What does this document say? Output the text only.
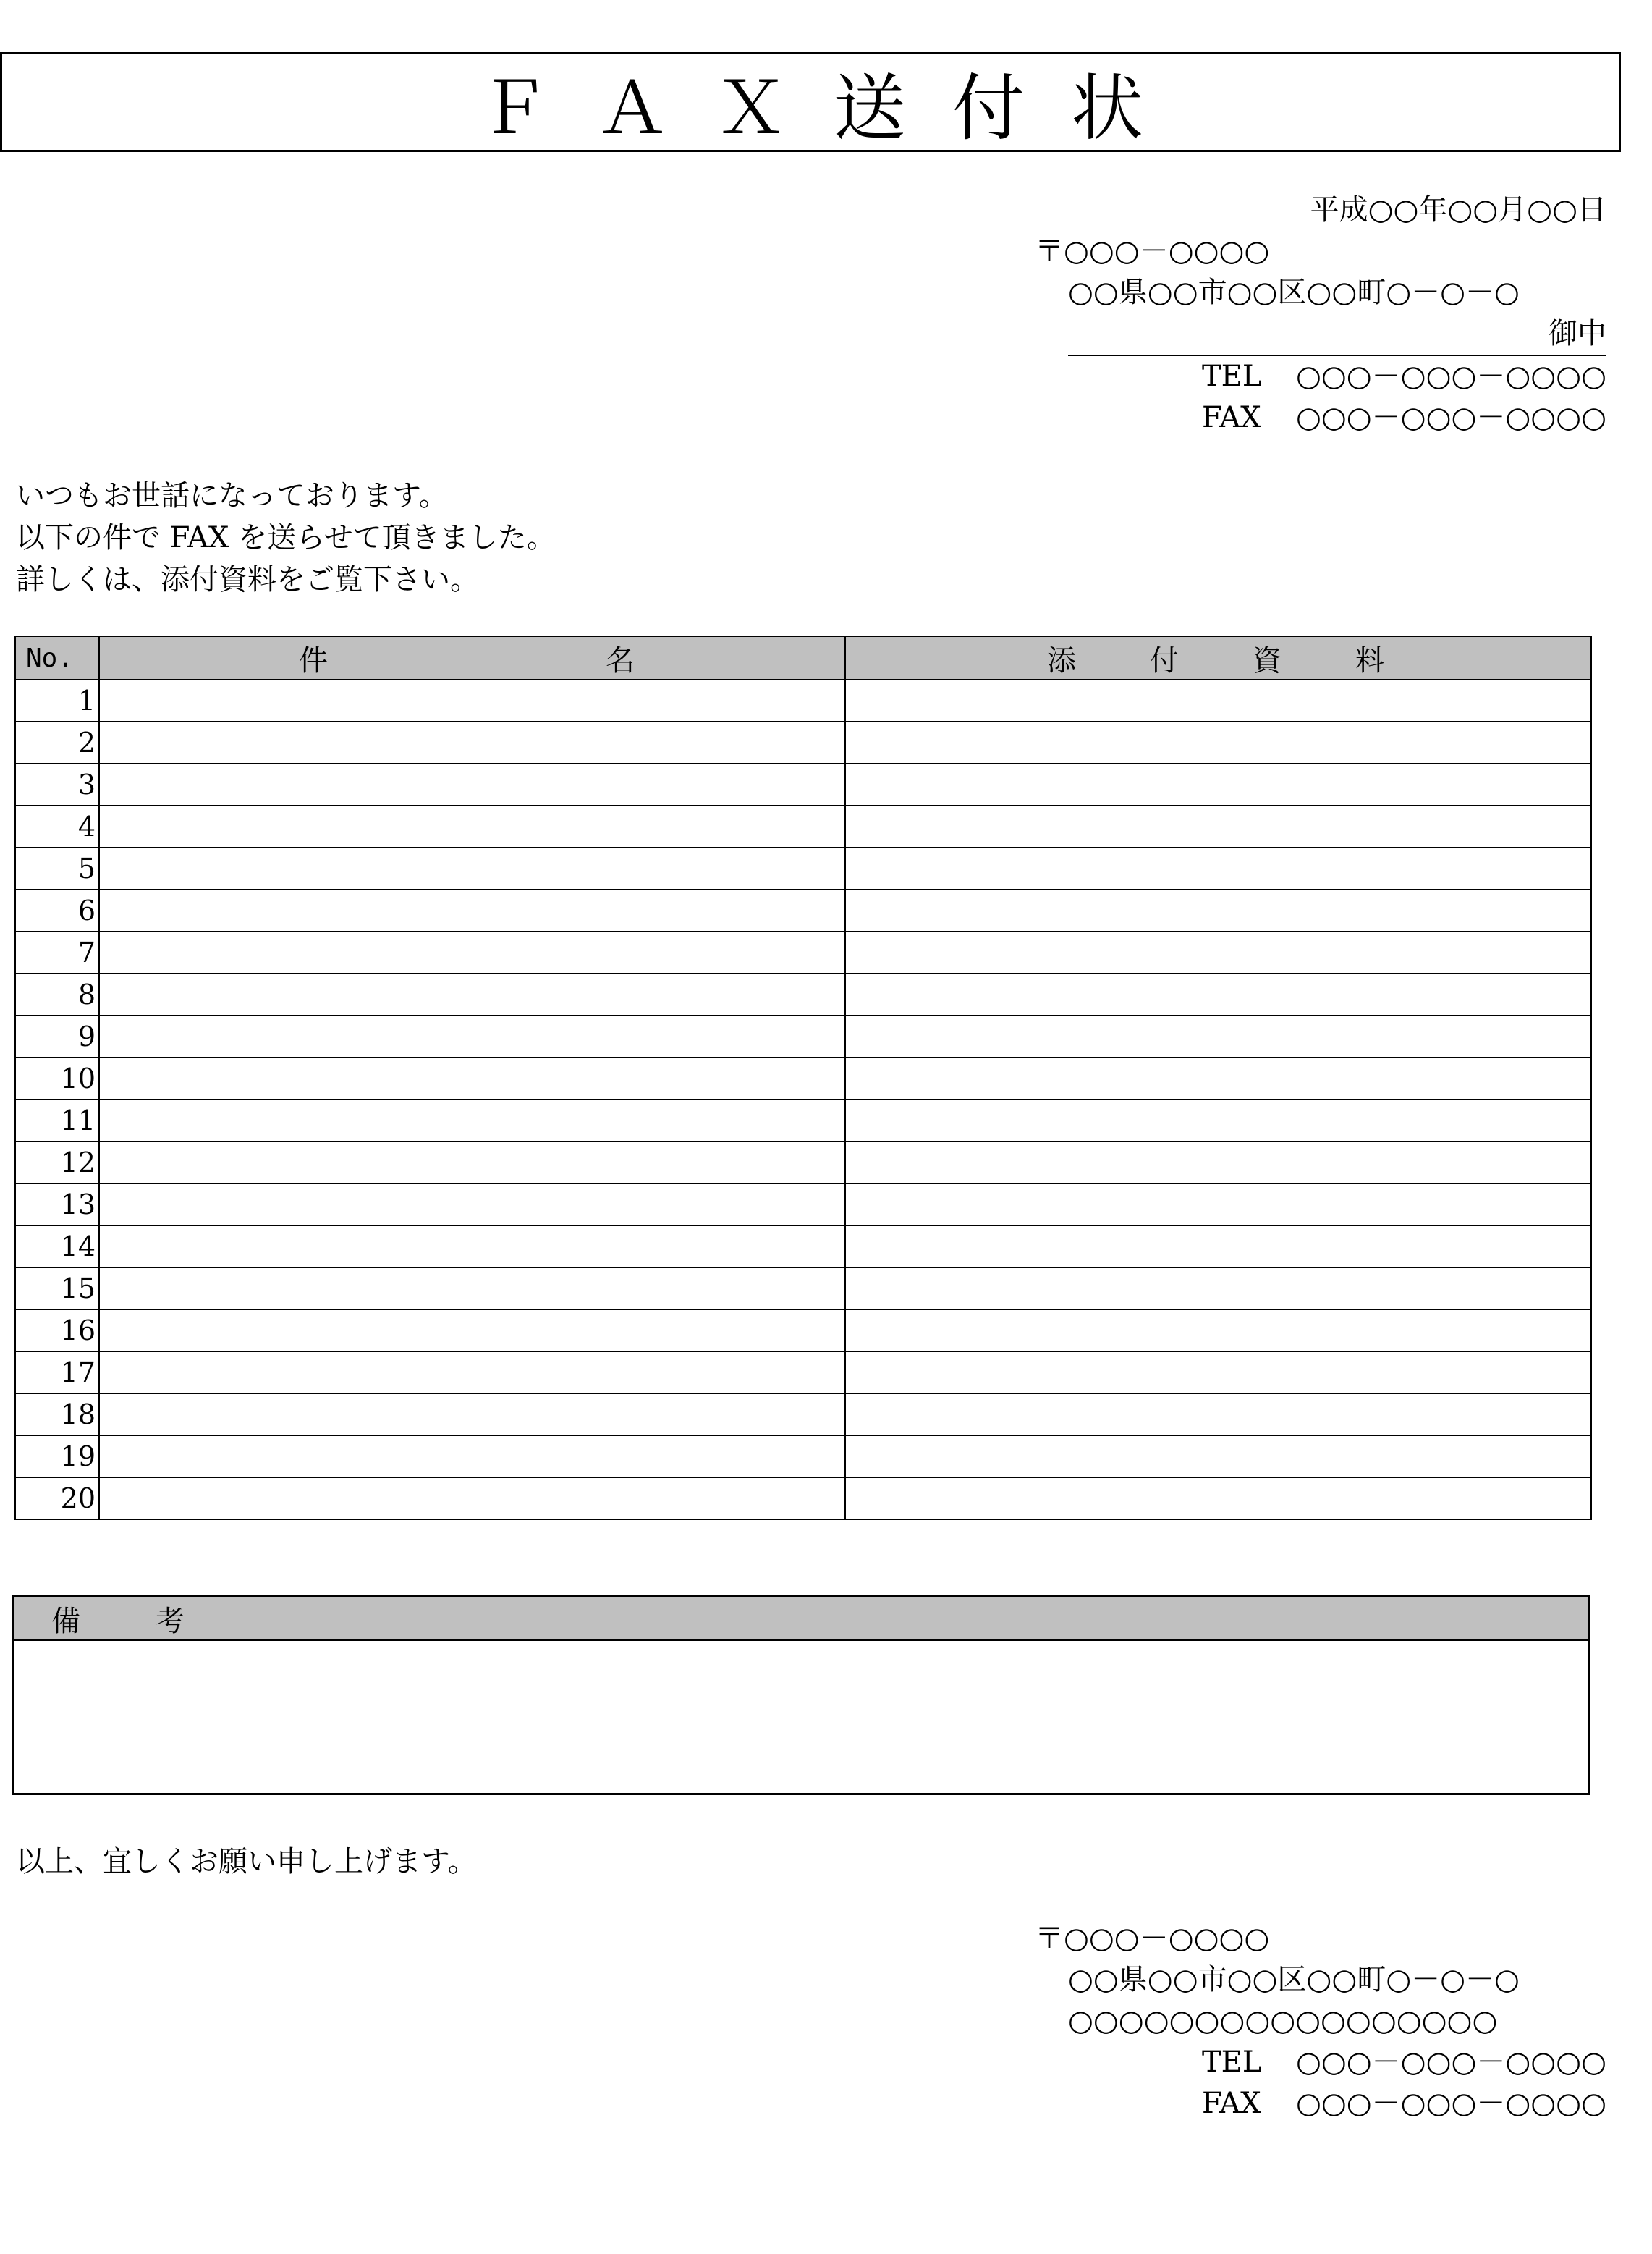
ＦＡＸ送付状
平成○○年○○月○○日
〒○○○－○○○○
○○県○○市○○区○○町○－○－○
御中
TEL	○○○－○○○－○○○○
FAX	○○○－○○○－○○○○
いつもお世話になっております。
以下の件で FAX を送らせて頂きました。
詳しくは、添付資料をご覧下さい。
No.	件 名	添 付 資 料

1		
2		
3		
4		
5		
6		
7		
8		
9		
10		
11		
12		
13		
14		
15		
16		
17		
18		
19		
20		
備考
以上、宜しくお願い申し上げます。
〒○○○－○○○○
○○県○○市○○区○○町○－○－○
○○○○○○○○○○○○○○○○○
TEL	○○○－○○○－○○○○
FAX	○○○－○○○－○○○○
